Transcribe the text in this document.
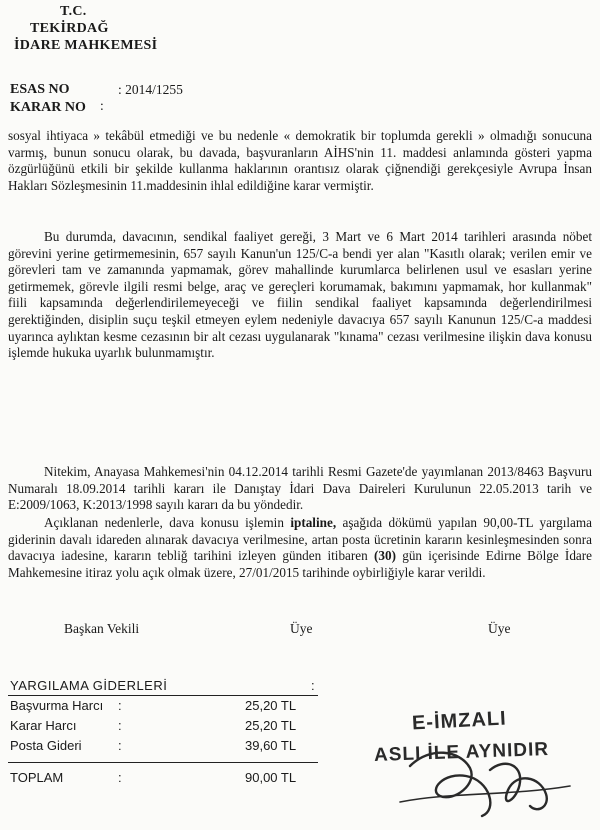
T.C.
TEKİRDAĞ
İDARE MAHKEMESİ
ESAS NO	: 2014/1255
KARAR NO :
sosyal ihtiyaca » tekâbül etmediği ve bu nedenle « demokratik bir toplumda gerekli » olmadığı sonucuna varmış, bunun sonucu olarak, bu davada, başvuranların AİHS'nin 11. maddesi anlamında gösteri yapma özgürlüğünü etkili bir şekilde kullanma haklarının orantısız olarak çiğnendiği gerekçesiyle Avrupa İnsan Hakları Sözleşmesinin 11.maddesinin ihlal edildiğine karar vermiştir.
Bu durumda, davacının, sendikal faaliyet gereği, 3 Mart ve 6 Mart 2014 tarihleri arasında nöbet görevini yerine getirmemesinin, 657 sayılı Kanun'un 125/C-a bendi yer alan "Kasıtlı olarak; verilen emir ve görevleri tam ve zamanında yapmamak, görev mahallinde kurumlarca belirlenen usul ve esasları yerine getirmemek, görevle ilgili resmi belge, araç ve gereçleri korumamak, bakımını yapmamak, hor kullanmak" fiili kapsamında değerlendirilemeyeceği ve fiilin sendikal faaliyet kapsamında değerlendirilmesi gerektiğinden, disiplin suçu teşkil etmeyen eylem nedeniyle davacıya 657 sayılı Kanunun 125/C-a maddesi uyarınca aylıktan kesme cezasının bir alt cezası uygulanarak "kınama" cezası verilmesine ilişkin dava konusu işlemde hukuka uyarlık bulunmamıştır.
Nitekim, Anayasa Mahkemesi'nin 04.12.2014 tarihli Resmi Gazete'de yayımlanan 2013/8463 Başvuru Numaralı 18.09.2014 tarihli kararı ile Danıştay İdari Dava Daireleri Kurulunun 22.05.2013 tarih ve E:2009/1063, K:2013/1998 sayılı kararı da bu yöndedir.
Açıklanan nedenlerle, dava konusu işlemin iptaline, aşağıda dökümü yapılan 90,00-TL yargılama giderinin davalı idareden alınarak davacıya verilmesine, artan posta ücretinin kararın kesinleşmesinden sonra davacıya iadesine, kararın tebliğ tarihini izleyen günden itibaren (30) gün içerisinde Edirne Bölge İdare Mahkemesine itiraz yolu açık olmak üzere, 27/01/2015 tarihinde oybirliğiyle karar verildi.
Başkan Vekili	Üye	Üye
YARGILAMA GİDERLERİ	:
Başvurma Harcı :	25,20 TL
Karar Harcı	:	25,20 TL
Posta Gideri	:	39,60 TL
TOPLAM	:	90,00 TL
E-İMZALI
ASLI İLE AYNIDIR
